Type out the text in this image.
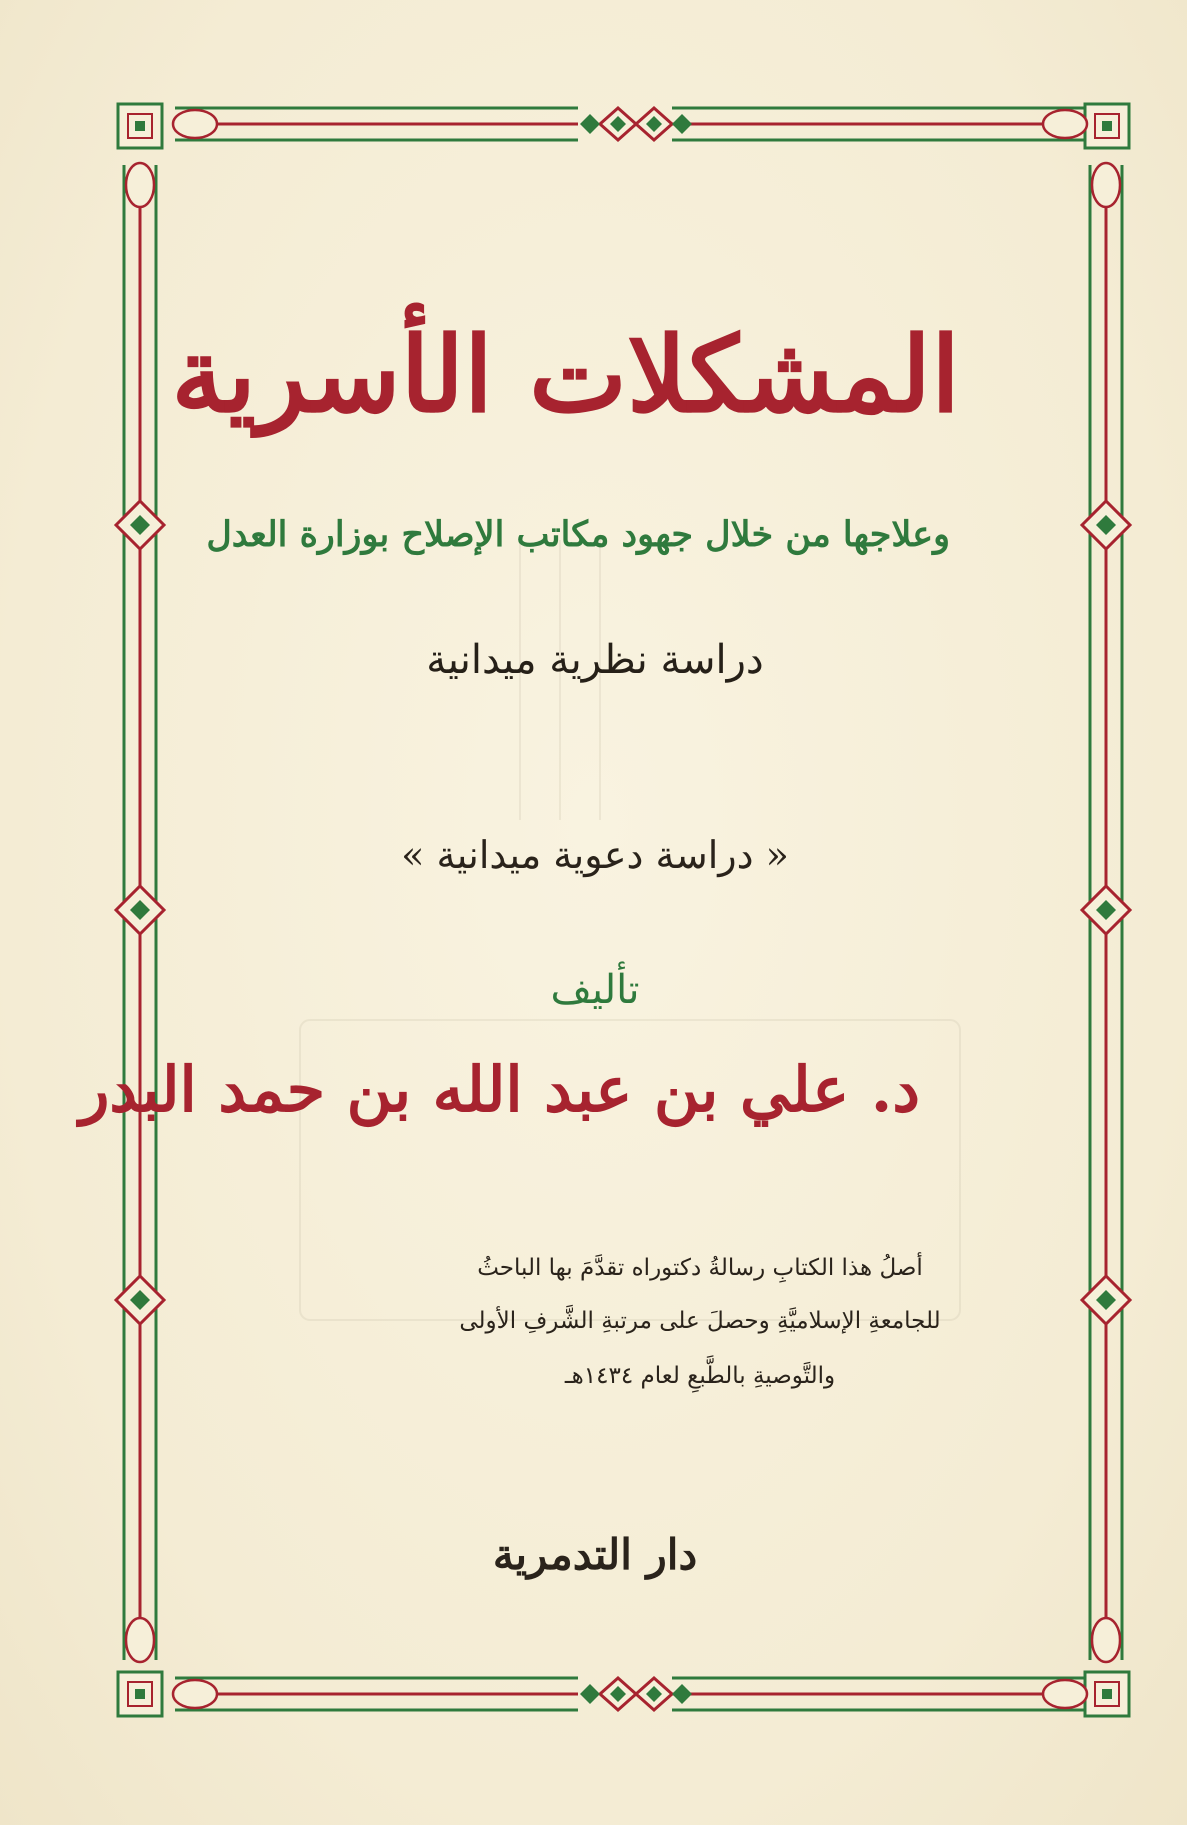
المشكلات الأسرية
وعلاجها من خلال جهود مكاتب الإصلاح بوزارة العدل
دراسة نظرية ميدانية
« دراسة دعوية ميدانية »
تأليف
د. علي بن عبد الله بن حمد البدر
أصلُ هذا الكتابِ رسالةُ دكتوراه تقدَّمَ بها الباحثُ
للجامعةِ الإسلاميَّةِ وحصلَ على مرتبةِ الشَّرفِ الأولى
والتَّوصيةِ بالطَّبعِ لعام ١٤٣٤هـ
دار التدمرية
